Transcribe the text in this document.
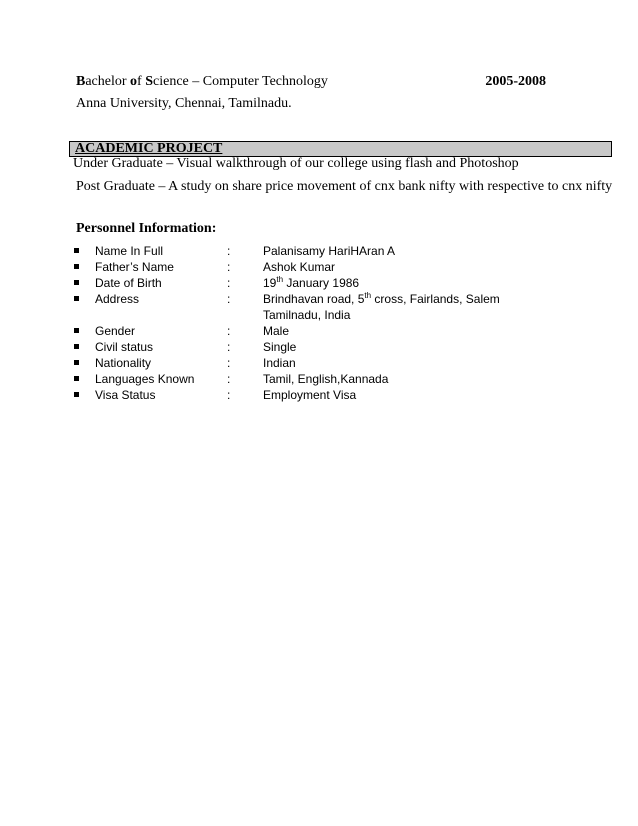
Bachelor of Science – Computer Technology	2005-2008
Anna University, Chennai, Tamilnadu.
ACADEMIC PROJECT
Under Graduate – Visual walkthrough of our college using flash and Photoshop
Post Graduate – A study on share price movement of cnx bank nifty with respective to cnx nifty
Personnel Information:
Name In Full	:	Palanisamy HariHAran A
Father’s Name	:	Ashok Kumar
Date of Birth	:	19th January 1986
Address	:	Brindhavan road, 5th cross, Fairlands, Salem
Tamilnadu, India
Gender	:	Male
Civil status	:	Single
Nationality	:	Indian
Languages Known	:	Tamil, English,Kannada
Visa Status	:	Employment Visa
